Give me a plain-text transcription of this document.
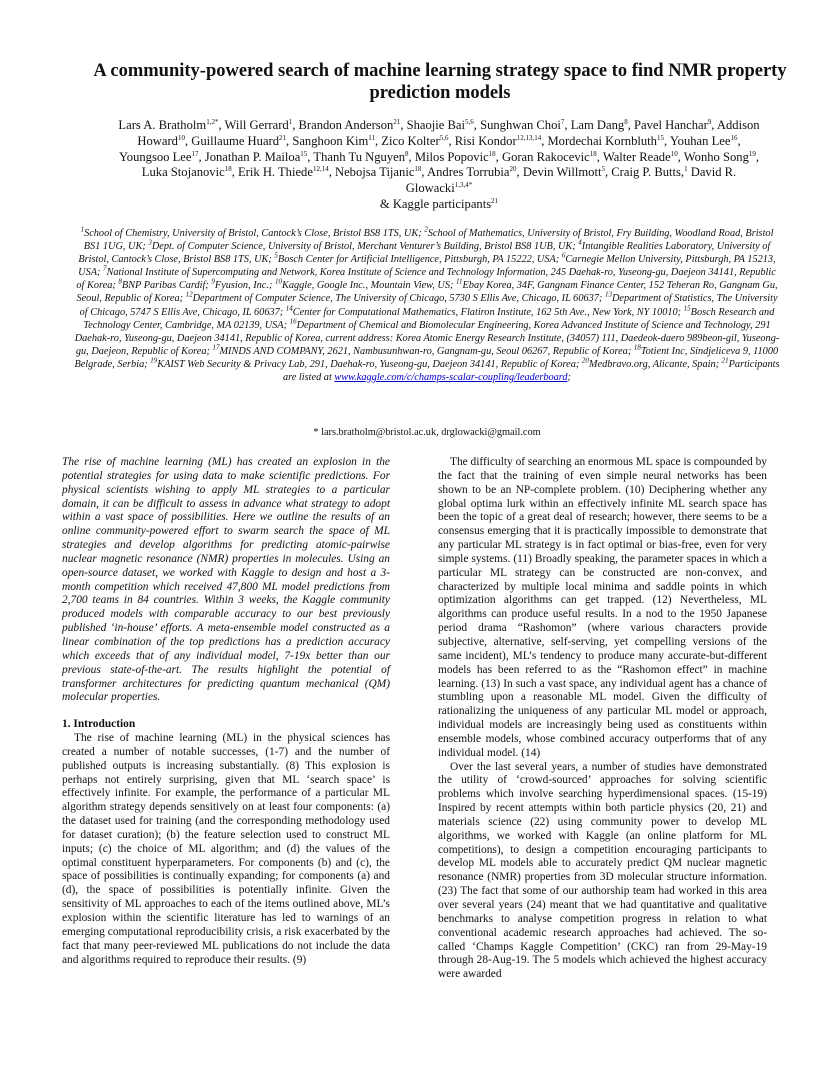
A community-powered search of machine learning strategy space to find NMR property prediction models
Lars A. Bratholm$^{1,2*}$, Will Gerrard$^1$, Brandon Anderson$^{21}$, Shaojie Bai$^{5,6}$, Sunghwan Choi$^7$, Lam Dang$^8$, Pavel Hanchar$^9$, Addison Howard$^{10}$, Guillaume Huard$^{21}$, Sanghoon Kim$^{11}$, Zico Kolter$^{5,6}$, Risi Kondor$^{12,13,14}$, Mordechai Kornbluth$^{15}$, Youhan Lee$^{16}$, Youngsoo Lee$^{17}$, Jonathan P. Mailoa$^{15}$, Thanh Tu Nguyen$^8$, Milos Popovic$^{18}$, Goran Rakocevic$^{18}$, Walter Reade$^{10}$, Wonho Song$^{19}$, Luka Stojanovic$^{18}$, Erik H. Thiede$^{12,14}$, Nebojsa Tijanic$^{18}$, Andres Torrubia$^{20}$, Devin Willmott$^5$, Craig P. Butts,$^1$ David R. Glowacki$^{1,3,4*}$
& Kaggle participants$^{21}$
$^1$School of Chemistry, University of Bristol, Cantock’s Close, Bristol BS8 1TS, UK; $^2$School of Mathematics, University of Bristol, Fry Building, Woodland Road, Bristol BS1 1UG, UK; $^3$Dept. of Computer Science, University of Bristol, Merchant Venturer’s Building, Bristol BS8 1UB, UK; $^4$Intangible Realities Laboratory, University of Bristol, Cantock’s Close, Bristol BS8 1TS, UK; $^5$Bosch Center for Artificial Intelligence, Pittsburgh, PA 15222, USA; $^6$Carnegie Mellon University, Pittsburgh, PA 15213, USA; $^7$National Institute of Supercomputing and Network, Korea Institute of Science and Technology Information, 245 Daehak-ro, Yuseong-gu, Daejeon 34141, Republic of Korea; $^8$BNP Paribas Cardif; $^9$Fyusion, Inc.; $^{10}$Kaggle, Google Inc., Mountain View, US; $^{11}$Ebay Korea, 34F, Gangnam Finance Center, 152 Teheran Ro, Gangnam Gu, Seoul, Republic of Korea; $^{12}$Department of Computer Science, The University of Chicago, 5730 S Ellis Ave, Chicago, IL 60637; $^{13}$Department of Statistics, The University of Chicago, 5747 S Ellis Ave, Chicago, IL 60637; $^{14}$Center for Computational Mathematics, Flatiron Institute, 162 5th Ave., New York, NY 10010; $^{15}$Bosch Research and Technology Center, Cambridge, MA 02139, USA; $^{16}$Department of Chemical and Biomolecular Engineering, Korea Advanced Institute of Science and Technology, 291 Daehak-ro, Yuseong-gu, Daejeon 34141, Republic of Korea, current address: Korea Atomic Energy Research Institute, (34057) 111, Daedeok-daero 989beon-gil, Yuseong-gu, Daejeon, Republic of Korea; $^{17}$MINDS AND COMPANY, 2621, Nambusunhwan-ro, Gangnam-gu, Seoul 06267, Republic of Korea; $^{18}$Totient Inc, Sindjeliceva 9, 11000 Belgrade, Serbia; $^{19}$KAIST Web Security & Privacy Lab, 291, Daehak-ro, Yuseong-gu, Daejeon 34141, Republic of Korea; $^{20}$Medbravo.org, Alicante, Spain; $^{21}$Participants are listed at www.kaggle.com/c/champs-scalar-coupling/leaderboard;
* lars.bratholm@bristol.ac.uk, drglowacki@gmail.com

The rise of machine learning (ML) has created an explosion in the potential strategies for using data to make scientific predictions. For physical scientists wishing to apply ML strategies to a particular domain, it can be difficult to assess in advance what strategy to adopt within a vast space of possibilities. Here we outline the results of an online community-powered effort to swarm search the space of ML strategies and develop algorithms for predicting atomic-pairwise nuclear magnetic resonance (NMR) properties in molecules. Using an open-source dataset, we worked with Kaggle to design and host a 3-month competition which received 47,800 ML model predictions from 2,700 teams in 84 countries. Within 3 weeks, the Kaggle community produced models with comparable accuracy to our best previously published ‘in-house’ efforts. A meta-ensemble model constructed as a linear combination of the top predictions has a prediction accuracy which exceeds that of any individual model, 7-19x better than our previous state-of-the-art. The results highlight the potential of transformer architectures for predicting quantum mechanical (QM) molecular properties.

1. Introduction

The rise of machine learning (ML) in the physical sciences has created a number of notable successes, (1-7) and the number of published outputs is increasing substantially. (8) This explosion is perhaps not entirely surprising, given that ML ‘search space’ is effectively infinite. For example, the performance of a particular ML algorithm strategy depends sensitively on at least four components: (a) the dataset used for training (and the corresponding methodology used for dataset curation); (b) the feature selection used to construct ML inputs; (c) the choice of ML algorithm; and (d) the values of the optimal constituent hyperparameters. For components (b) and (c), the space of possibilities is continually expanding; for components (a) and (d), the space of possibilities is potentially infinite. Given the sensitivity of ML approaches to each of the items outlined above, ML’s explosion within the scientific literature has led to warnings of an emerging computational reproducibility crisis, a risk exacerbated by the fact that many peer-reviewed ML publications do not include the data and algorithms required to reproduce their results. (9)

The difficulty of searching an enormous ML space is compounded by the fact that the training of even simple neural networks has been shown to be an NP-complete problem. (10) Deciphering whether any global optima lurk within an effectively infinite ML search space has been the topic of a great deal of research; however, there seems to be a consensus emerging that it is practically impossible to demonstrate that any particular ML strategy is in fact optimal or bias-free, even for very simple systems. (11) Broadly speaking, the parameter spaces in which a particular ML strategy can be constructed are non-convex, and characterized by multiple local minima and saddle points in which optimization algorithms can get trapped. (12) Nevertheless, ML algorithms can produce useful results. In a nod to the 1950 Japanese period drama “Rashomon” (where various characters provide subjective, alternative, self-serving, yet compelling versions of the same incident), ML’s tendency to produce many accurate-but-different models has been referred to as the “Rashomon effect” in machine learning. (13) In such a vast space, any individual agent has a chance of stumbling upon a reasonable ML model. Given the difficulty of rationalizing the uniqueness of any particular ML model or approach, individual models are increasingly being used as constituents within ensemble models, whose combined accuracy outperforms that of any individual model. (14)

Over the last several years, a number of studies have demonstrated the utility of ‘crowd-sourced’ approaches for solving scientific problems which involve searching hyperdimensional spaces. (15-19) Inspired by recent attempts within both particle physics (20, 21) and materials science (22) using community power to develop ML algorithms, we worked with Kaggle (an online platform for ML competitions), to design a competition encouraging participants to develop ML models able to accurately predict QM nuclear magnetic resonance (NMR) properties from 3D molecular structure information. (23) The fact that some of our authorship team had worked in this area over several years (24) meant that we had quantitative and qualitative benchmarks to analyse competition progress in relation to what conventional academic research approaches had achieved. The so-called ‘Champs Kaggle Competition’ (CKC) ran from 29-May-19 through 28-Aug-19. The 5 models which achieved the highest accuracy were awarded
